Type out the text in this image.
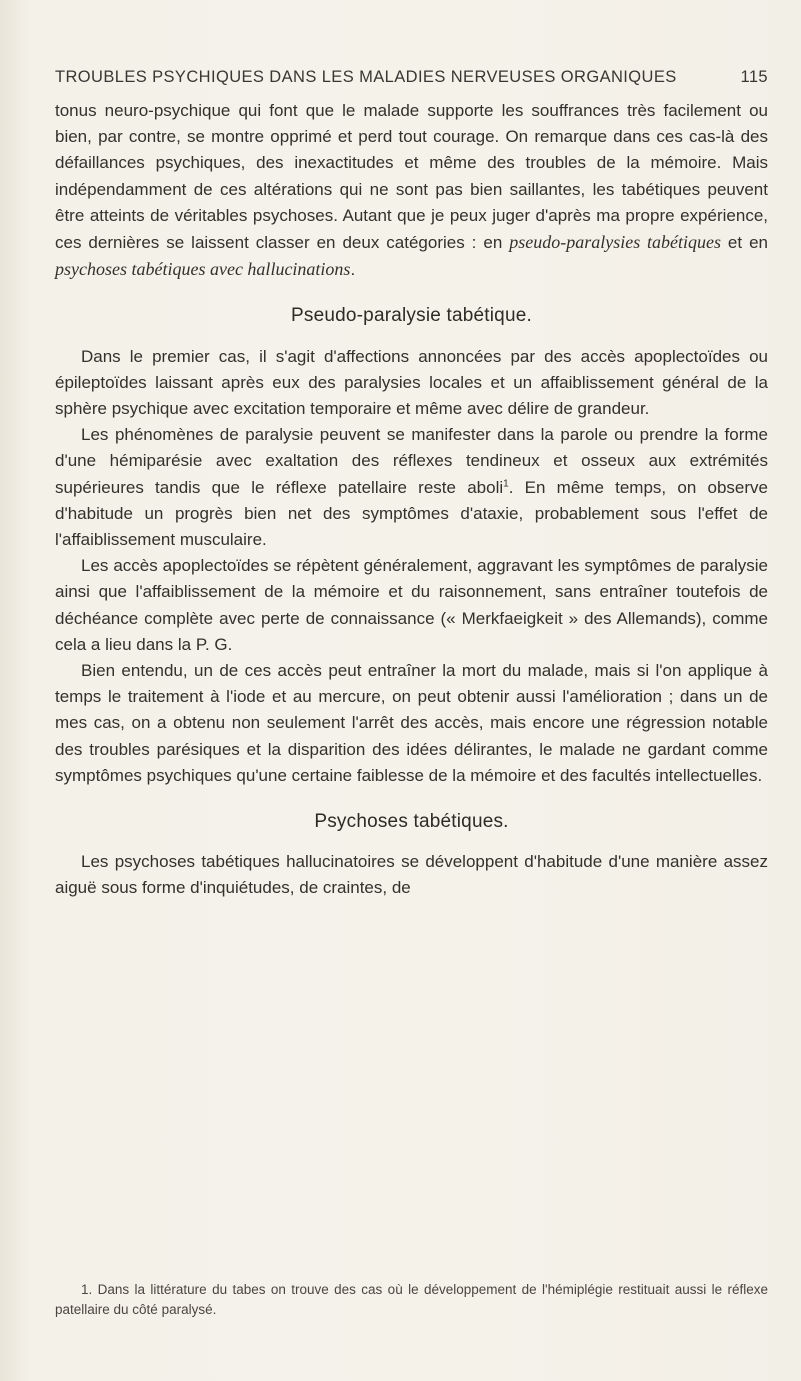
TROUBLES PSYCHIQUES DANS LES MALADIES NERVEUSES ORGANIQUES	115

tonus neuro-psychique qui font que le malade supporte les souffrances très facilement ou bien, par contre, se montre opprimé et perd tout courage. On remarque dans ces cas-là des défaillances psychiques, des inexactitudes et même des troubles de la mémoire. Mais indépendamment de ces altérations qui ne sont pas bien saillantes, les tabétiques peuvent être atteints de véritables psychoses. Autant que je peux juger d'après ma propre expérience, ces dernières se laissent classer en deux catégories : en pseudo-paralysies tabétiques et en psychoses tabétiques avec hallucinations.

Pseudo-paralysie tabétique.

Dans le premier cas, il s'agit d'affections annoncées par des accès apoplectoïdes ou épileptoïdes laissant après eux des paralysies locales et un affaiblissement général de la sphère psychique avec excitation temporaire et même avec délire de grandeur.

Les phénomènes de paralysie peuvent se manifester dans la parole ou prendre la forme d'une hémiparésie avec exaltation des réflexes tendineux et osseux aux extrémités supérieures tandis que le réflexe patellaire reste aboli$^1$. En même temps, on observe d'habitude un progrès bien net des symptômes d'ataxie, probablement sous l'effet de l'affaiblissement musculaire.

Les accès apoplectoïdes se répètent généralement, aggravant les symptômes de paralysie ainsi que l'affaiblissement de la mémoire et du raisonnement, sans entraîner toutefois de déchéance complète avec perte de connaissance (« Merkfaeigkeit » des Allemands), comme cela a lieu dans la P. G.

Bien entendu, un de ces accès peut entraîner la mort du malade, mais si l'on applique à temps le traitement à l'iode et au mercure, on peut obtenir aussi l'amélioration ; dans un de mes cas, on a obtenu non seulement l'arrêt des accès, mais encore une régression notable des troubles parésiques et la disparition des idées délirantes, le malade ne gardant comme symptômes psychiques qu'une certaine faiblesse de la mémoire et des facultés intellectuelles.

Psychoses tabétiques.

Les psychoses tabétiques hallucinatoires se développent d'habitude d'une manière assez aiguë sous forme d'inquiétudes, de craintes, de

1. Dans la littérature du tabes on trouve des cas où le développement de l'hémiplégie restituait aussi le réflexe patellaire du côté paralysé.
